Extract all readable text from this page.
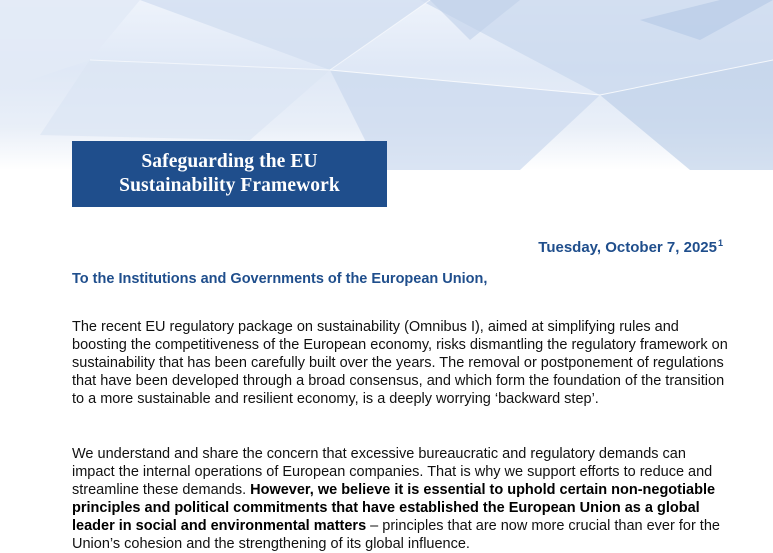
Safeguarding the EU
Sustainability Framework
Tuesday, October 7, 2025$^1$
To the Institutions and Governments of the European Union,

The recent EU regulatory package on sustainability (Omnibus I), aimed at simplifying rules and boosting the competitiveness of the European economy, risks dismantling the regulatory framework on sustainability that has been carefully built over the years. The removal or postponement of regulations that have been developed through a broad consensus, and which form the foundation of the transition to a more sustainable and resilient economy, is a deeply worrying ‘backward step’.

We understand and share the concern that excessive bureaucratic and regulatory demands can impact the internal operations of European companies. That is why we support efforts to reduce and streamline these demands. However, we believe it is essential to uphold certain non-negotiable principles and political commitments that have established the European Union as a global leader in social and environmental matters – principles that are now more crucial than ever for the Union’s cohesion and the strengthening of its global influence.
